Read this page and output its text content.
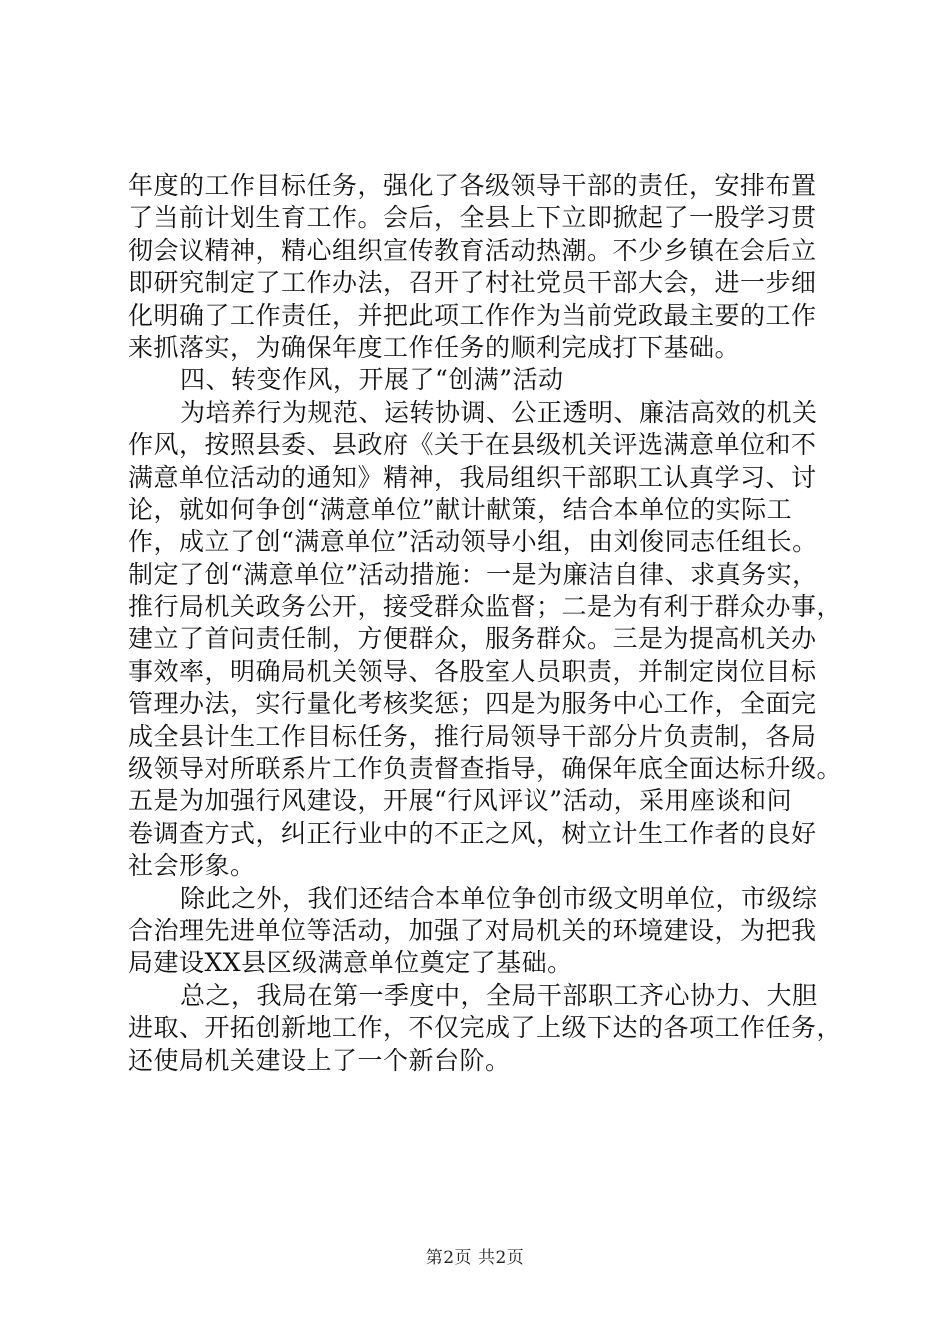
年度的工作目标任务，强化了各级领导干部的责任，安排布置
了当前计划生育工作。会后，全县上下立即掀起了一股学习贯
彻会议精神，精心组织宣传教育活动热潮。不少乡镇在会后立
即研究制定了工作办法，召开了村社党员干部大会，进一步细
化明确了工作责任，并把此项工作作为当前党政最主要的工作
来抓落实，为确保年度工作任务的顺利完成打下基础。
四、转变作风，开展了“创满”活动
为培养行为规范、运转协调、公正透明、廉洁高效的机关
作风，按照县委、县政府《关于在县级机关评选满意单位和不
满意单位活动的通知》精神，我局组织干部职工认真学习、讨
论，就如何争创“满意单位”献计献策，结合本单位的实际工
作，成立了创“满意单位”活动领导小组，由刘俊同志任组长。
制定了创“满意单位”活动措施：一是为廉洁自律、求真务实，
推行局机关政务公开，接受群众监督；二是为有利于群众办事，
建立了首问责任制，方便群众，服务群众。三是为提高机关办
事效率，明确局机关领导、各股室人员职责，并制定岗位目标
管理办法，实行量化考核奖惩；四是为服务中心工作，全面完
成全县计生工作目标任务，推行局领导干部分片负责制，各局
级领导对所联系片工作负责督查指导，确保年底全面达标升级。
五是为加强行风建设，开展“行风评议”活动，采用座谈和问
卷调查方式，纠正行业中的不正之风，树立计生工作者的良好
社会形象。
除此之外，我们还结合本单位争创市级文明单位，市级综
合治理先进单位等活动，加强了对局机关的环境建设，为把我
局建设XX县区级满意单位奠定了基础。
总之，我局在第一季度中，全局干部职工齐心协力、大胆
进取、开拓创新地工作，不仅完成了上级下达的各项工作任务，
还使局机关建设上了一个新台阶。
第2页 共2页
